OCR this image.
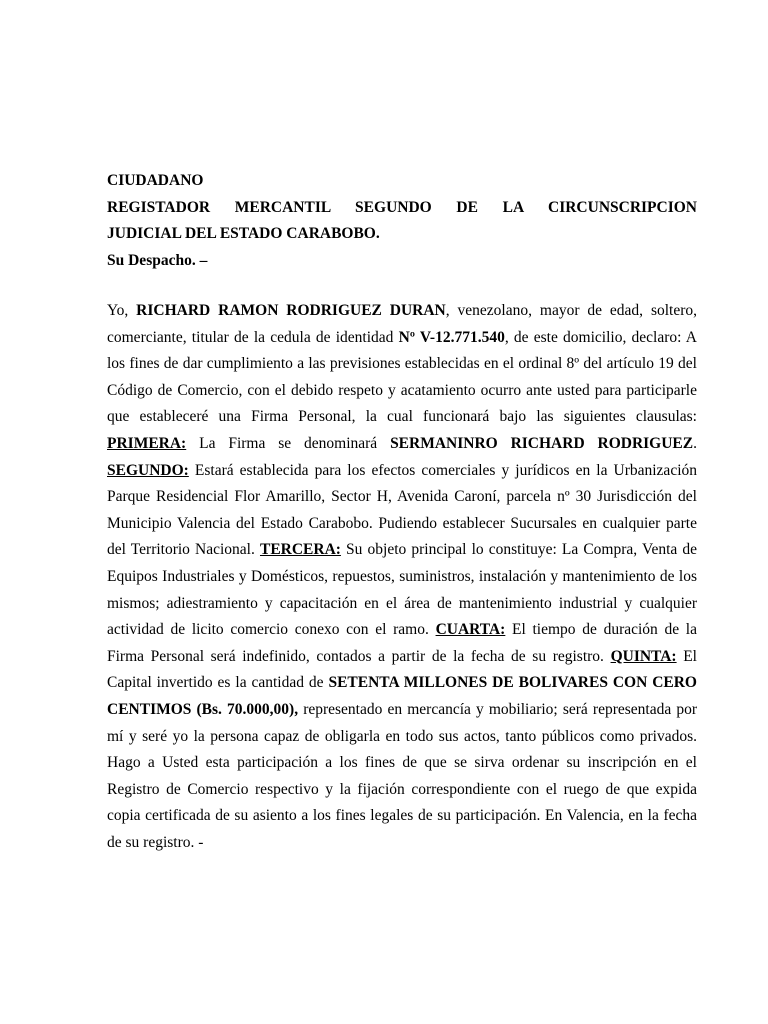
CIUDADANO
REGISTADOR MERCANTIL SEGUNDO DE LA CIRCUNSCRIPCION
JUDICIAL DEL ESTADO CARABOBO.
Su Despacho. –
Yo, RICHARD RAMON RODRIGUEZ DURAN, venezolano, mayor de edad, soltero, comerciante, titular de la cedula de identidad Nº V-12.771.540, de este domicilio, declaro: A los fines de dar cumplimiento a las previsiones establecidas en el ordinal 8º del artículo 19 del Código de Comercio, con el debido respeto y acatamiento ocurro ante usted para participarle que estableceré una Firma Personal, la cual funcionará bajo las siguientes clausulas: PRIMERA: La Firma se denominará SERMANINRO RICHARD RODRIGUEZ. SEGUNDO: Estará establecida para los efectos comerciales y jurídicos en la Urbanización Parque Residencial Flor Amarillo, Sector H, Avenida Caroní, parcela nº 30 Jurisdicción del Municipio Valencia del Estado Carabobo. Pudiendo establecer Sucursales en cualquier parte del Territorio Nacional. TERCERA: Su objeto principal lo constituye: La Compra, Venta de Equipos Industriales y Domésticos, repuestos, suministros, instalación y mantenimiento de los mismos; adiestramiento y capacitación en el área de mantenimiento industrial y cualquier actividad de licito comercio conexo con el ramo. CUARTA: El tiempo de duración de la Firma Personal será indefinido, contados a partir de la fecha de su registro. QUINTA: El Capital invertido es la cantidad de SETENTA MILLONES DE BOLIVARES CON CERO CENTIMOS (Bs. 70.000,00), representado en mercancía y mobiliario; será representada por mí y seré yo la persona capaz de obligarla en todo sus actos, tanto públicos como privados. Hago a Usted esta participación a los fines de que se sirva ordenar su inscripción en el Registro de Comercio respectivo y la fijación correspondiente con el ruego de que expida copia certificada de su asiento a los fines legales de su participación. En Valencia, en la fecha de su registro. -
